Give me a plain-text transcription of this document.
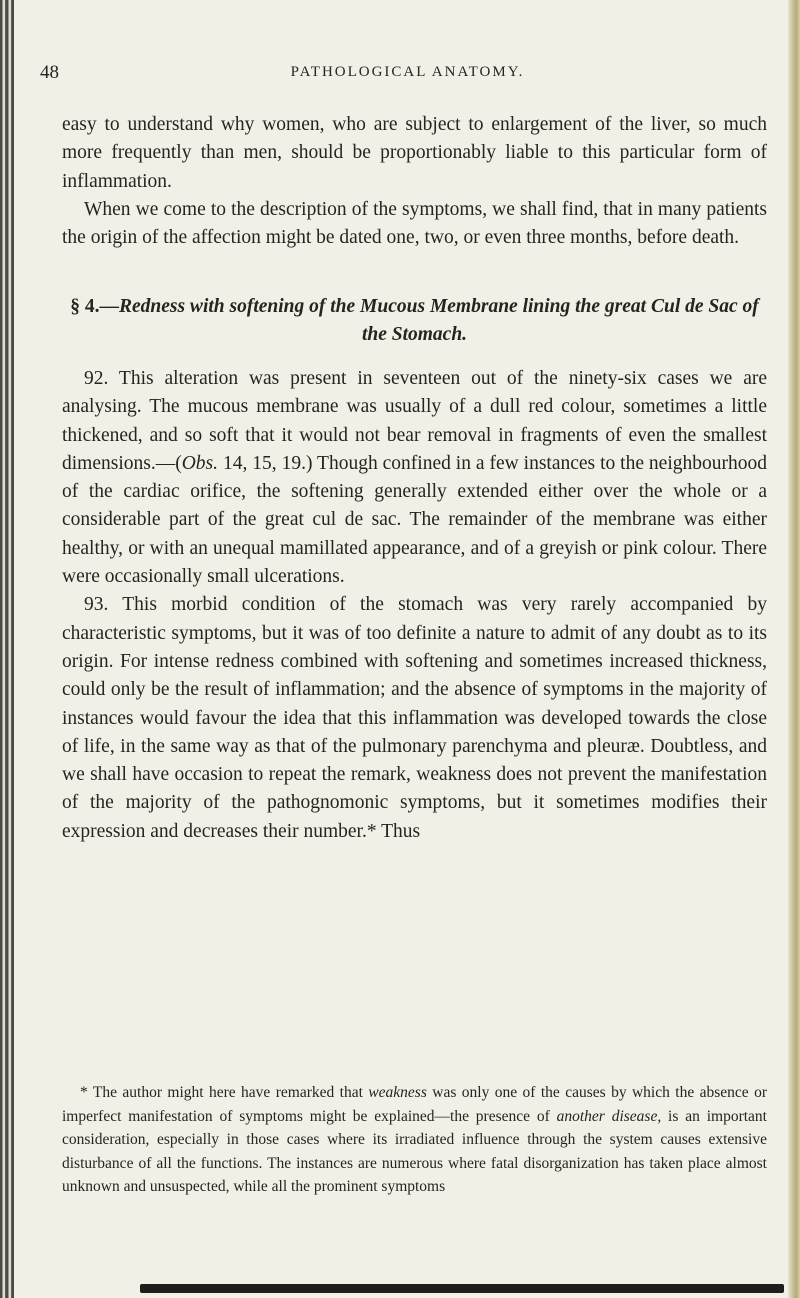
48	PATHOLOGICAL ANATOMY.

easy to understand why women, who are subject to enlargement of the liver, so much more frequently than men, should be proportionably liable to this particular form of inflammation.

When we come to the description of the symptoms, we shall find, that in many patients the origin of the affection might be dated one, two, or even three months, before death.

§ 4.—Redness with softening of the Mucous Membrane lining the great Cul de Sac of the Stomach.

92. This alteration was present in seventeen out of the ninety-six cases we are analysing. The mucous membrane was usually of a dull red colour, sometimes a little thickened, and so soft that it would not bear removal in fragments of even the smallest dimensions.—(Obs. 14, 15, 19.) Though confined in a few instances to the neighbourhood of the cardiac orifice, the softening generally extended either over the whole or a considerable part of the great cul de sac. The remainder of the membrane was either healthy, or with an unequal mamillated appearance, and of a greyish or pink colour. There were occasionally small ulcerations.

93. This morbid condition of the stomach was very rarely accompanied by characteristic symptoms, but it was of too definite a nature to admit of any doubt as to its origin. For intense redness combined with softening and sometimes increased thickness, could only be the result of inflammation; and the absence of symptoms in the majority of instances would favour the idea that this inflammation was developed towards the close of life, in the same way as that of the pulmonary parenchyma and pleuræ. Doubtless, and we shall have occasion to repeat the remark, weakness does not prevent the manifestation of the majority of the pathognomonic symptoms, but it sometimes modifies their expression and decreases their number.* Thus

* The author might here have remarked that weakness was only one of the causes by which the absence or imperfect manifestation of symptoms might be explained—the presence of another disease, is an important consideration, especially in those cases where its irradiated influence through the system causes extensive disturbance of all the functions. The instances are numerous where fatal disorganization has taken place almost unknown and unsuspected, while all the prominent symptoms
